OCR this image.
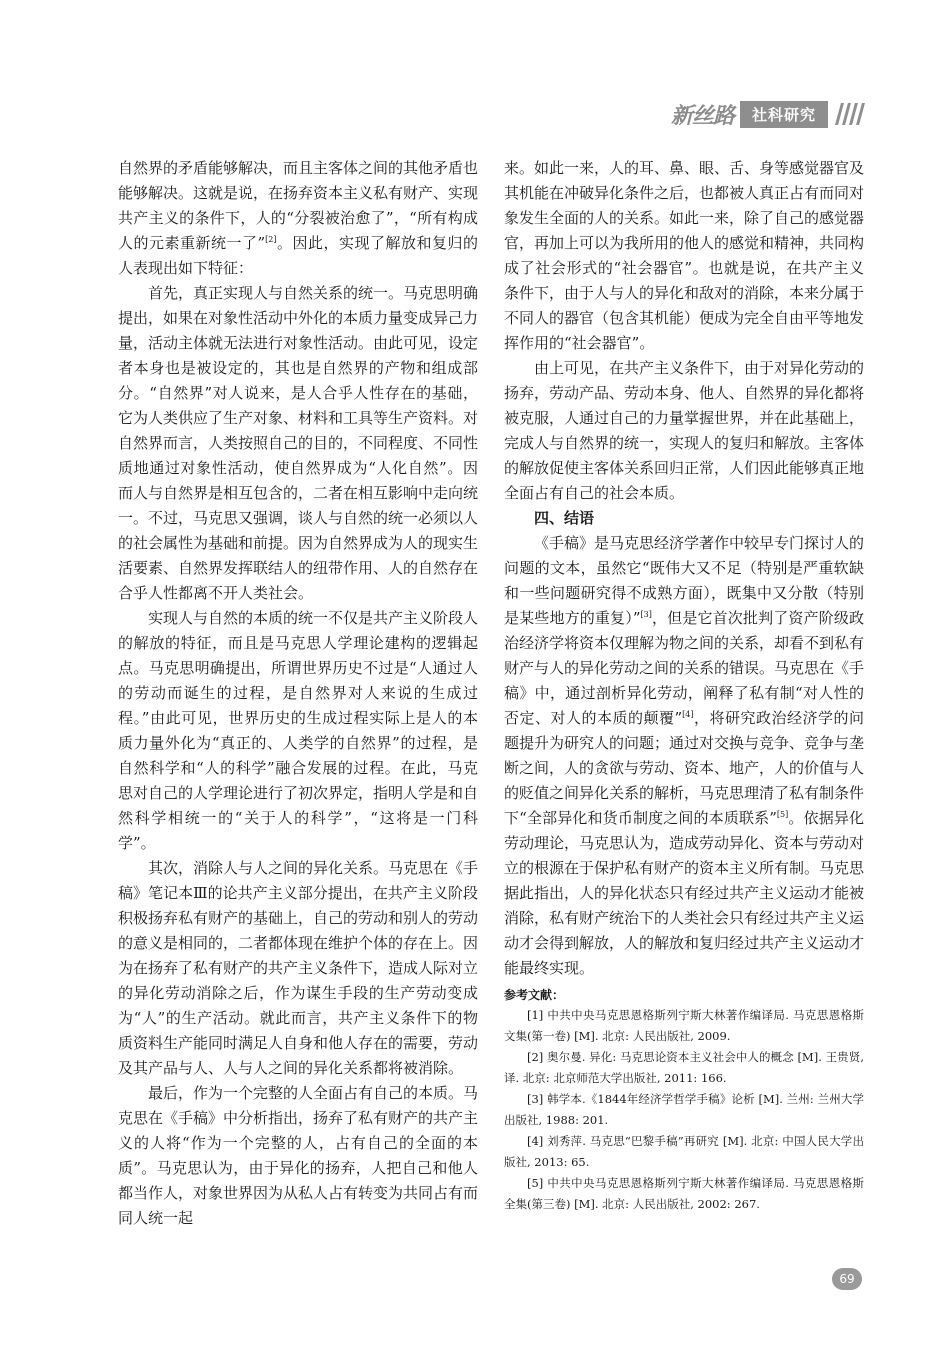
新丝路	社科研究

自然界的矛盾能够解决，而且主客体之间的其他矛盾也能够解决。这就是说，在扬弃资本主义私有财产、实现共产主义的条件下，人的“分裂被治愈了”，“所有构成人的元素重新统一了”[2]。因此，实现了解放和复归的人表现出如下特征：

首先，真正实现人与自然关系的统一。马克思明确提出，如果在对象性活动中外化的本质力量变成异己力量，活动主体就无法进行对象性活动。由此可见，设定者本身也是被设定的，其也是自然界的产物和组成部分。“自然界”对人说来，是人合乎人性存在的基础，它为人类供应了生产对象、材料和工具等生产资料。对自然界而言，人类按照自己的目的，不同程度、不同性质地通过对象性活动，使自然界成为“人化自然”。因而人与自然界是相互包含的，二者在相互影响中走向统一。不过，马克思又强调，谈人与自然的统一必须以人的社会属性为基础和前提。因为自然界成为人的现实生活要素、自然界发挥联结人的纽带作用、人的自然存在合乎人性都离不开人类社会。

实现人与自然的本质的统一不仅是共产主义阶段人的解放的特征，而且是马克思人学理论建构的逻辑起点。马克思明确提出，所谓世界历史不过是“人通过人的劳动而诞生的过程，是自然界对人来说的生成过程。”由此可见，世界历史的生成过程实际上是人的本质力量外化为“真正的、人类学的自然界”的过程，是自然科学和“人的科学”融合发展的过程。在此，马克思对自己的人学理论进行了初次界定，指明人学是和自然科学相统一的“关于人的科学”，“这将是一门科学”。

其次，消除人与人之间的异化关系。马克思在《手稿》笔记本Ⅲ的论共产主义部分提出，在共产主义阶段积极扬弃私有财产的基础上，自己的劳动和别人的劳动的意义是相同的，二者都体现在维护个体的存在上。因为在扬弃了私有财产的共产主义条件下，造成人际对立的异化劳动消除之后，作为谋生手段的生产劳动变成为“人”的生产活动。就此而言，共产主义条件下的物质资料生产能同时满足人自身和他人存在的需要，劳动及其产品与人、人与人之间的异化关系都将被消除。

最后，作为一个完整的人全面占有自己的本质。马克思在《手稿》中分析指出，扬弃了私有财产的共产主义的人将“作为一个完整的人，占有自己的全面的本质”。马克思认为，由于异化的扬弃，人把自己和他人都当作人，对象世界因为从私人占有转变为共同占有而同人统一起

来。如此一来，人的耳、鼻、眼、舌、身等感觉器官及其机能在冲破异化条件之后，也都被人真正占有而同对象发生全面的人的关系。如此一来，除了自己的感觉器官，再加上可以为我所用的他人的感觉和精神，共同构成了社会形式的“社会器官”。也就是说，在共产主义条件下，由于人与人的异化和敌对的消除，本来分属于不同人的器官（包含其机能）便成为完全自由平等地发挥作用的“社会器官”。

由上可见，在共产主义条件下，由于对异化劳动的扬弃，劳动产品、劳动本身、他人、自然界的异化都将被克服，人通过自己的力量掌握世界，并在此基础上，完成人与自然界的统一，实现人的复归和解放。主客体的解放促使主客体关系回归正常，人们因此能够真正地全面占有自己的社会本质。

四、结语

《手稿》是马克思经济学著作中较早专门探讨人的问题的文本，虽然它“既伟大又不足（特别是严重软缺和一些问题研究得不成熟方面），既集中又分散（特别是某些地方的重复）”[3]，但是它首次批判了资产阶级政治经济学将资本仅理解为物之间的关系，却看不到私有财产与人的异化劳动之间的关系的错误。马克思在《手稿》中，通过剖析异化劳动，阐释了私有制“对人性的否定、对人的本质的颠覆”[4]，将研究政治经济学的问题提升为研究人的问题；通过对交换与竞争、竞争与垄断之间，人的贪欲与劳动、资本、地产，人的价值与人的贬值之间异化关系的解析，马克思理清了私有制条件下“全部异化和货币制度之间的本质联系”[5]。依据异化劳动理论，马克思认为，造成劳动异化、资本与劳动对立的根源在于保护私有财产的资本主义所有制。马克思据此指出，人的异化状态只有经过共产主义运动才能被消除，私有财产统治下的人类社会只有经过共产主义运动才会得到解放，人的解放和复归经过共产主义运动才能最终实现。

参考文献：

[1] 中共中央马克思恩格斯列宁斯大林著作编译局. 马克思恩格斯文集(第一卷) [M]. 北京: 人民出版社, 2009.

[2] 奥尔曼. 异化: 马克思论资本主义社会中人的概念 [M]. 王贵贤, 译. 北京: 北京师范大学出版社, 2011: 166.

[3] 韩学本.《1844年经济学哲学手稿》论析 [M]. 兰州: 兰州大学出版社, 1988: 201.

[4] 刘秀萍. 马克思“巴黎手稿”再研究 [M]. 北京: 中国人民大学出版社, 2013: 65.

[5] 中共中央马克思恩格斯列宁斯大林著作编译局. 马克思恩格斯全集(第三卷) [M]. 北京: 人民出版社, 2002: 267.

69
